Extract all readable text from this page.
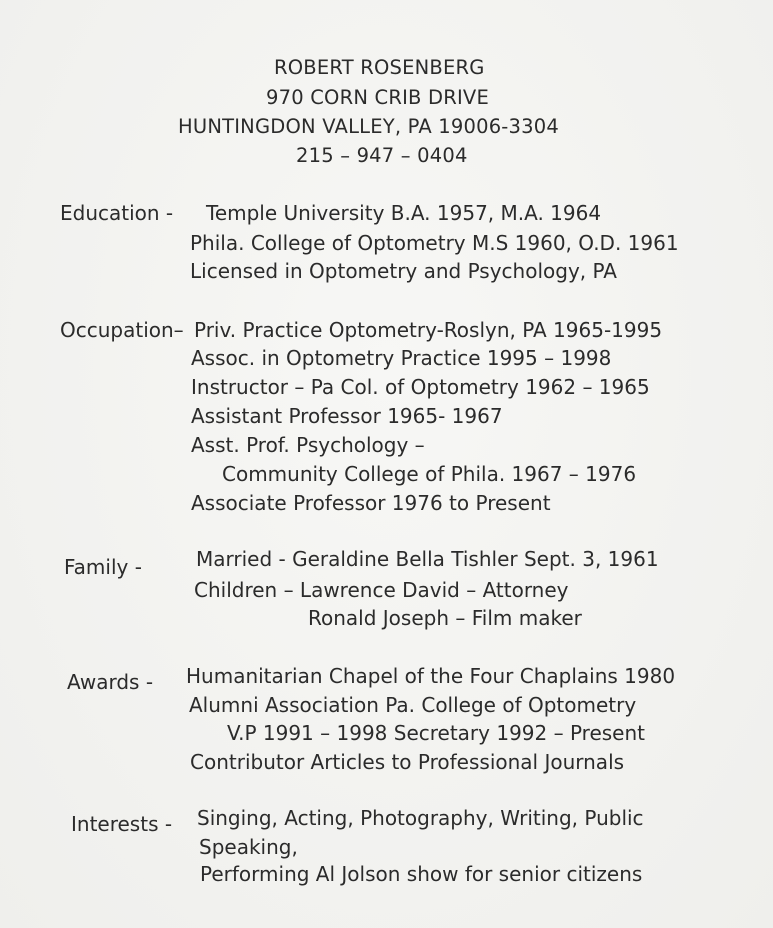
ROBERT ROSENBERG
970 CORN CRIB DRIVE
HUNTINGDON VALLEY, PA 19006-3304
215 – 947 – 0404
Education - Temple University B.A. 1957, M.A. 1964
Phila. College of Optometry M.S 1960, O.D. 1961
Licensed in Optometry and Psychology, PA
Occupation– Priv. Practice Optometry-Roslyn, PA 1965-1995
Assoc. in Optometry Practice 1995 – 1998
Instructor – Pa Col. of Optometry 1962 – 1965
Assistant Professor 1965- 1967
Asst. Prof. Psychology –
Community College of Phila. 1967 – 1976
Associate Professor 1976 to Present
Family -	Married - Geraldine Bella Tishler Sept. 3, 1961
Children – Lawrence David – Attorney
Ronald Joseph – Film maker
Awards - Humanitarian Chapel of the Four Chaplains 1980
Alumni Association Pa. College of Optometry
V.P 1991 – 1998 Secretary 1992 – Present
Contributor Articles to Professional Journals
Interests - Singing, Acting, Photography, Writing, Public
Speaking,
Performing Al Jolson show for senior citizens
